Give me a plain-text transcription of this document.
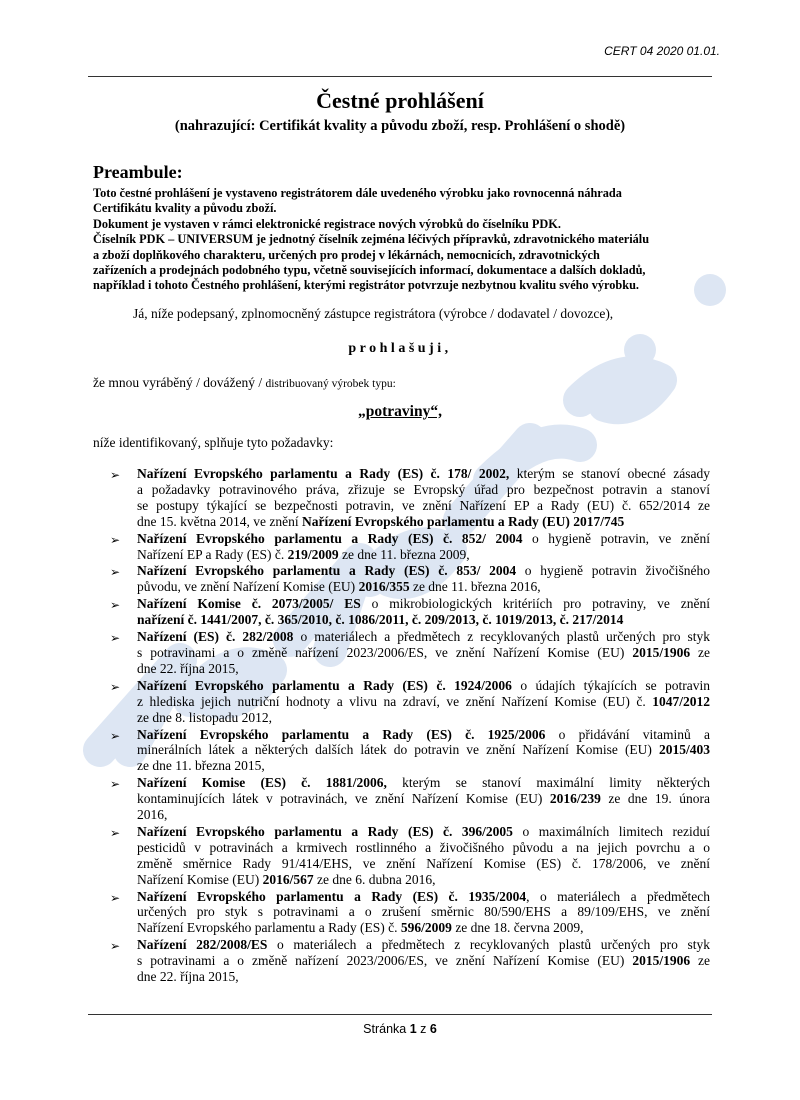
CERT 04 2020 01.01.
Čestné prohlášení
(nahrazující: Certifikát kvality a původu zboží, resp. Prohlášení o shodě)
Preambule:
Toto čestné prohlášení je vystaveno registrátorem dále uvedeného výrobku jako rovnocenná náhrada
Certifikátu kvality a původu zboží.
Dokument je vystaven v rámci elektronické registrace nových výrobků do číselníku PDK.
Číselník PDK – UNIVERSUM je jednotný číselník zejména léčivých přípravků, zdravotnického materiálu
a zboží doplňkového charakteru, určených pro prodej v lékárnách, nemocnicích, zdravotnických
zařízeních a prodejnách podobného typu, včetně souvisejících informací, dokumentace a dalších dokladů,
například i tohoto Čestného prohlášení, kterými registrátor potvrzuje nezbytnou kvalitu svého výrobku.
Já, níže podepsaný, zplnomocněný zástupce registrátora (výrobce / dodavatel / dovozce),
prohlašuji,
že mnou vyráběný / dovážený / distribuovaný výrobek typu:
„potraviny“,
níže identifikovaný, splňuje tyto požadavky:
➢ Nařízení Evropského parlamentu a Rady (ES) č. 178/ 2002, kterým se stanoví obecné zásady
a požadavky potravinového práva, zřizuje se Evropský úřad pro bezpečnost potravin a stanoví
se postupy týkající se bezpečnosti potravin, ve znění Nařízení EP a Rady (EU) č. 652/2014 ze
dne 15. května 2014, ve znění Nařízení Evropského parlamentu a Rady (EU) 2017/745
➢ Nařízení Evropského parlamentu a Rady (ES) č. 852/ 2004 o hygieně potravin, ve znění
Nařízení EP a Rady (ES) č. 219/2009 ze dne 11. března 2009,
➢ Nařízení Evropského parlamentu a Rady (ES) č. 853/ 2004 o hygieně potravin živočišného
původu, ve znění Nařízení Komise (EU) 2016/355 ze dne 11. března 2016,
➢ Nařízení Komise č. 2073/2005/ ES o mikrobiologických kritériích pro potraviny, ve znění
nařízení č. 1441/2007, č. 365/2010, č. 1086/2011, č. 209/2013, č. 1019/2013, č. 217/2014
➢ Nařízení (ES) č. 282/2008 o materiálech a předmětech z recyklovaných plastů určených pro styk
s potravinami a o změně nařízení 2023/2006/ES, ve znění Nařízení Komise (EU) 2015/1906 ze
dne 22. října 2015,
➢ Nařízení Evropského parlamentu a Rady (ES) č. 1924/2006 o údajích týkajících se potravin
z hlediska jejich nutriční hodnoty a vlivu na zdraví, ve znění Nařízení Komise (EU) č. 1047/2012
ze dne 8. listopadu 2012,
➢ Nařízení Evropského parlamentu a Rady (ES) č. 1925/2006 o přidávání vitaminů a
minerálních látek a některých dalších látek do potravin ve znění Nařízení Komise (EU) 2015/403
ze dne 11. března 2015,
➢ Nařízení Komise (ES) č. 1881/2006, kterým se stanoví maximální limity některých
kontaminujících látek v potravinách, ve znění Nařízení Komise (EU) 2016/239 ze dne 19. února
2016,
➢ Nařízení Evropského parlamentu a Rady (ES) č. 396/2005 o maximálních limitech reziduí
pesticidů v potravinách a krmivech rostlinného a živočišného původu a na jejich povrchu a o
změně směrnice Rady 91/414/EHS, ve znění Nařízení Komise (ES) č. 178/2006, ve znění
Nařízení Komise (EU) 2016/567 ze dne 6. dubna 2016,
➢ Nařízení Evropského parlamentu a Rady (ES) č. 1935/2004, o materiálech a předmětech
určených pro styk s potravinami a o zrušení směrnic 80/590/EHS a 89/109/EHS, ve znění
Nařízení Evropského parlamentu a Rady (ES) č. 596/2009 ze dne 18. června 2009,
➢ Nařízení 282/2008/ES o materiálech a předmětech z recyklovaných plastů určených pro styk
s potravinami a o změně nařízení 2023/2006/ES, ve znění Nařízení Komise (EU) 2015/1906 ze
dne 22. října 2015,
Stránka 1 z 6
